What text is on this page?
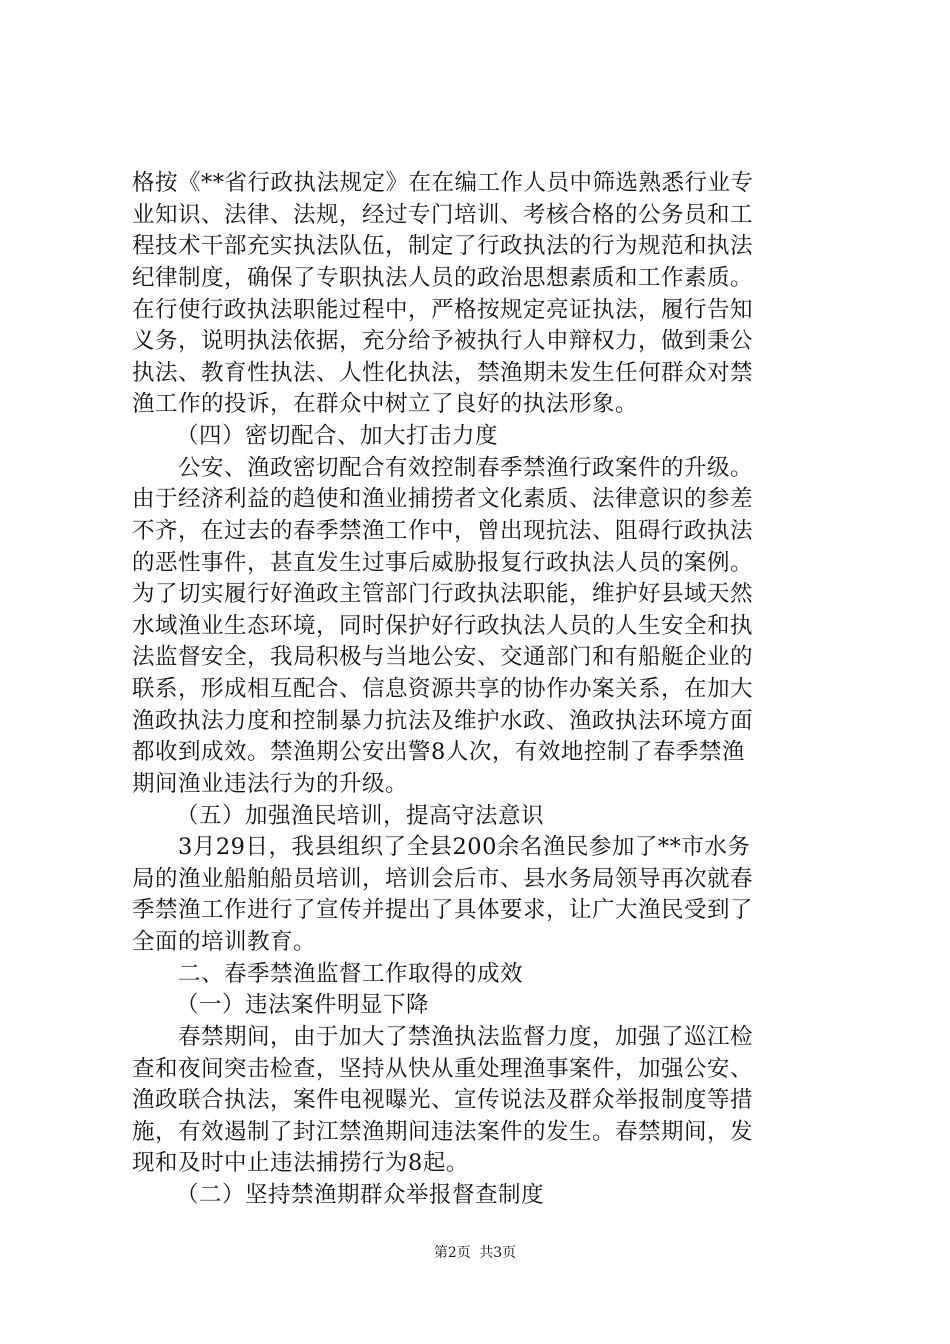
格按《**省行政执法规定》在在编工作人员中筛选熟悉行业专
业知识、法律、法规，经过专门培训、考核合格的公务员和工
程技术干部充实执法队伍，制定了行政执法的行为规范和执法
纪律制度，确保了专职执法人员的政治思想素质和工作素质。
在行使行政执法职能过程中，严格按规定亮证执法，履行告知
义务，说明执法依据，充分给予被执行人申辩权力，做到秉公
执法、教育性执法、人性化执法，禁渔期未发生任何群众对禁
渔工作的投诉，在群众中树立了良好的执法形象。
（四）密切配合、加大打击力度
公安、渔政密切配合有效控制春季禁渔行政案件的升级。
由于经济利益的趋使和渔业捕捞者文化素质、法律意识的参差
不齐，在过去的春季禁渔工作中，曾出现抗法、阻碍行政执法
的恶性事件，甚直发生过事后威胁报复行政执法人员的案例。
为了切实履行好渔政主管部门行政执法职能，维护好县域天然
水域渔业生态环境，同时保护好行政执法人员的人生安全和执
法监督安全，我局积极与当地公安、交通部门和有船艇企业的
联系，形成相互配合、信息资源共享的协作办案关系，在加大
渔政执法力度和控制暴力抗法及维护水政、渔政执法环境方面
都收到成效。禁渔期公安出警8人次，有效地控制了春季禁渔
期间渔业违法行为的升级。
（五）加强渔民培训，提高守法意识
3月29日，我县组织了全县200余名渔民参加了**市水务
局的渔业船舶船员培训，培训会后市、县水务局领导再次就春
季禁渔工作进行了宣传并提出了具体要求，让广大渔民受到了
全面的培训教育。
二、春季禁渔监督工作取得的成效
（一）违法案件明显下降
春禁期间，由于加大了禁渔执法监督力度，加强了巡江检
查和夜间突击检查，坚持从快从重处理渔事案件，加强公安、
渔政联合执法，案件电视曝光、宣传说法及群众举报制度等措
施，有效遏制了封江禁渔期间违法案件的发生。春禁期间，发
现和及时中止违法捕捞行为8起。
（二）坚持禁渔期群众举报督查制度
第2页 共3页
